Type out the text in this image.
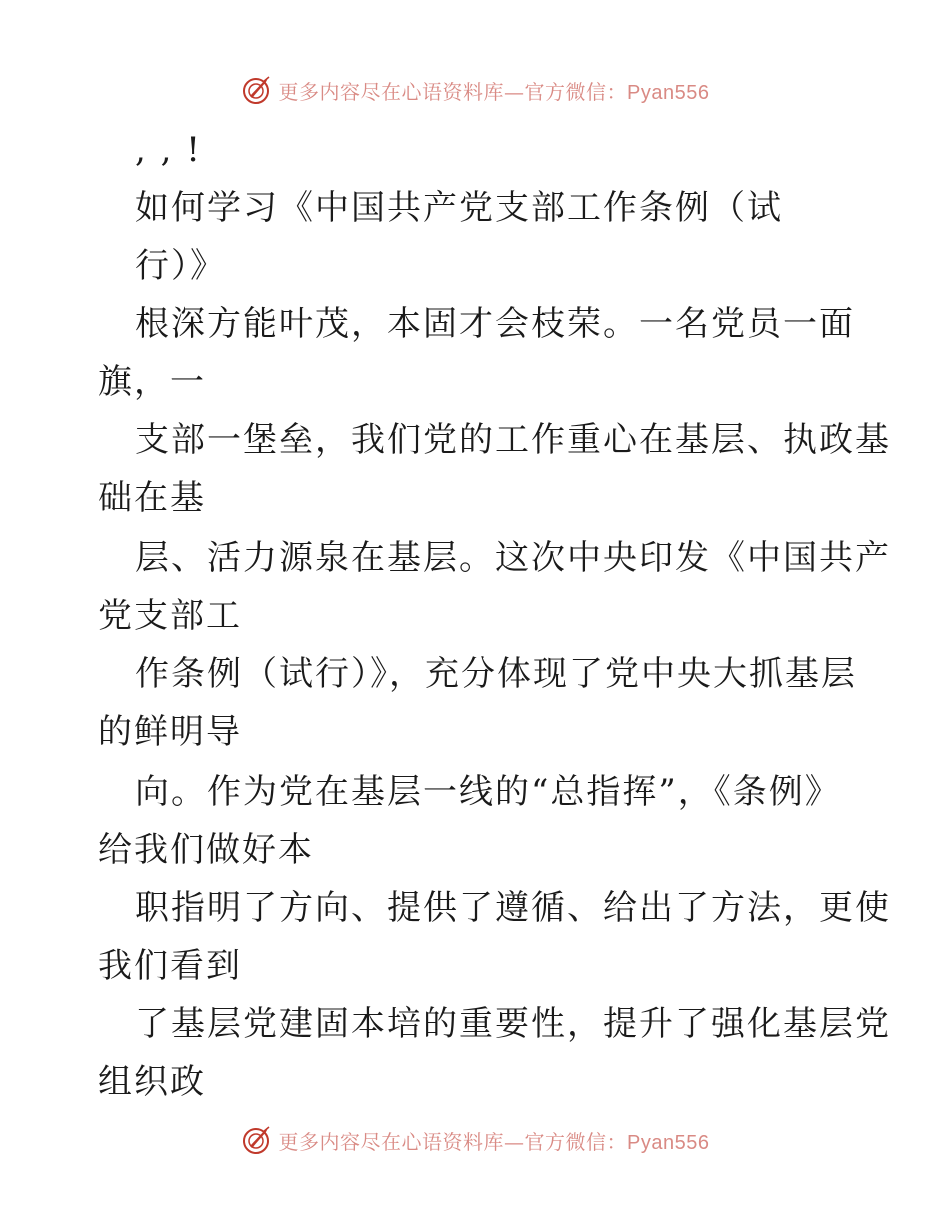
更多内容尽在心语资料库—官方微信：Pyan556
, , !
如何学习《中国共产党支部工作条例（试
行）》
根深方能叶茂，本固才会枝荣。一名党员一面
旗，一
支部一堡垒，我们党的工作重心在基层、执政基
础在基
层、活力源泉在基层。这次中央印发《中国共产
党支部工
作条例（试行）》，充分体现了党中央大抓基层
的鲜明导
向。作为党在基层一线的“总指挥”，《条例》
给我们做好本
职指明了方向、提供了遵循、给出了方法，更使
我们看到
了基层党建固本培的重要性，提升了强化基层党
组织政
更多内容尽在心语资料库—官方微信：Pyan556
